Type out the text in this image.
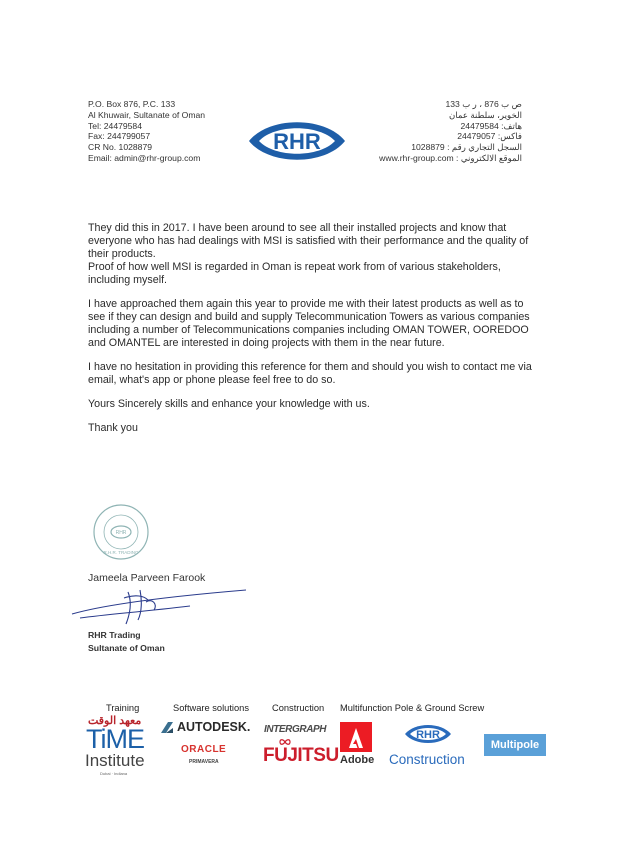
P.O. Box 876, P.C. 133
Al Khuwair, Sultanate of Oman
Tel: 24479584
Fax: 244799057
CR No. 1028879
Email: admin@rhr-group.com
RHR
ص ب 876 ، ر ب 133
الخوير، سلطنة عمان
هاتف: 24479584
فاكس: 24479057
السجل التجاري رقم : 1028879
الموقع الالكتروني : www.rhr-group.com

They did this in 2017. I have been around to see all their installed projects and know that everyone who has had dealings with MSI is satisfied with their performance and the quality of their products.
Proof of how well MSI is regarded in Oman is repeat work from of various stakeholders, including myself.

I have approached them again this year to provide me with their latest products as well as to see if they can design and build and supply Telecommunication Towers as various companies including a number of Telecommunications companies including OMAN TOWER, OOREDOO and OMANTEL are interested in doing projects with them in the near future.

I have no hesitation in providing this reference for them and should you wish to contact me via email, what's app or phone please feel free to do so.

Yours Sincerely skills and enhance your knowledge with us.

Thank you

RHR
R.H.R. TRADING
Jameela Parveen Farook
RHR Trading
Sultanate of Oman
Training	Software solutions Construction Multifunction Pole & Ground Screw
معهد الوقت
TiME
Institute
Dubai · Indiana
AUTODESK.
ORACLE
PRIMAVERA
INTERGRAPH
FUJITSU Adobe
RHR
Construction
Multipole
